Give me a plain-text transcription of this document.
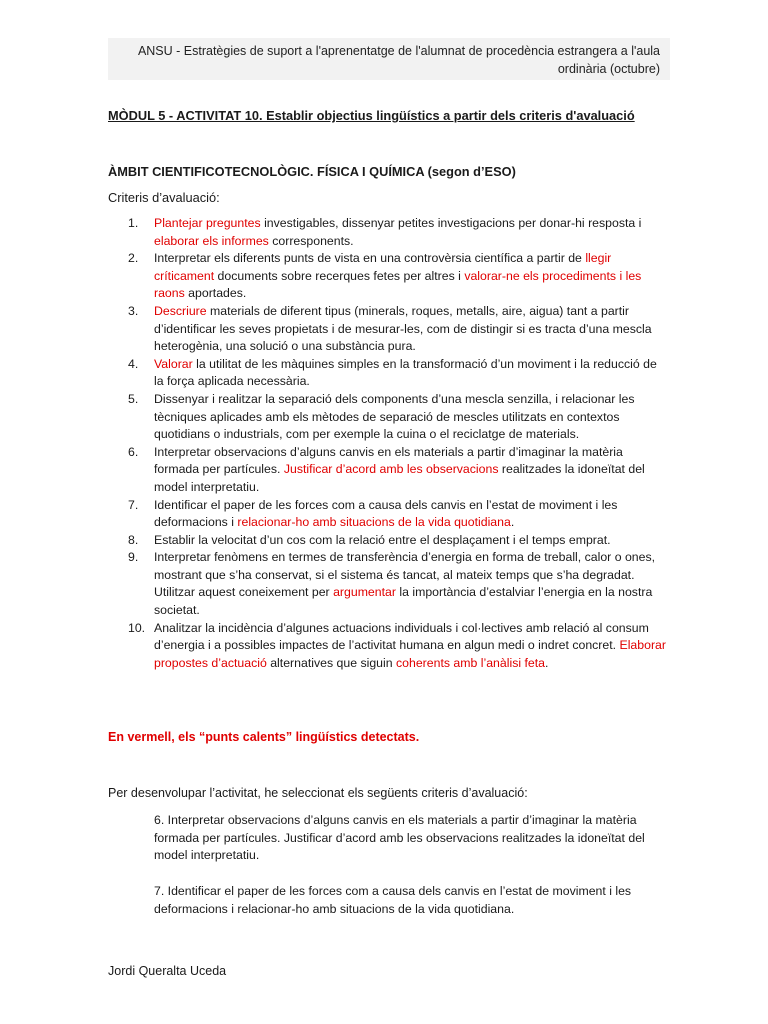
ANSU - Estratègies de suport a l'aprenentatge de l'alumnat de procedència estrangera a l'aula
ordinària (octubre)
MÒDUL 5 - ACTIVITAT 10. Establir objectius lingüístics a partir dels criteris d'avaluació
ÀMBIT CIENTIFICOTECNOLÒGIC. FÍSICA I QUÍMICA (segon d’ESO)
Criteris d’avaluació:
1.	Plantejar preguntes investigables, dissenyar petites investigacions per donar-hi resposta i elaborar els informes corresponents.
2.	Interpretar els diferents punts de vista en una controvèrsia científica a partir de llegir críticament documents sobre recerques fetes per altres i valorar-ne els procediments i les raons aportades.
3.	Descriure materials de diferent tipus (minerals, roques, metalls, aire, aigua) tant a partir d’identificar les seves propietats i de mesurar-les, com de distingir si es tracta d’una mescla heterogènia, una solució o una substància pura.
4.	Valorar la utilitat de les màquines simples en la transformació d’un moviment i la reducció de la força aplicada necessària.
5.	Dissenyar i realitzar la separació dels components d’una mescla senzilla, i relacionar les tècniques aplicades amb els mètodes de separació de mescles utilitzats en contextos quotidians o industrials, com per exemple la cuina o el reciclatge de materials.
6.	Interpretar observacions d’alguns canvis en els materials a partir d’imaginar la matèria formada per partícules. Justificar d’acord amb les observacions realitzades la idoneïtat del model interpretatiu.
7.	Identificar el paper de les forces com a causa dels canvis en l’estat de moviment i les deformacions i relacionar-ho amb situacions de la vida quotidiana.
8.	Establir la velocitat d’un cos com la relació entre el desplaçament i el temps emprat.
9.	Interpretar fenòmens en termes de transferència d’energia en forma de treball, calor o ones, mostrant que s’ha conservat, si el sistema és tancat, al mateix temps que s’ha degradat. Utilitzar aquest coneixement per argumentar la importància d’estalviar l’energia en la nostra societat.
10. Analitzar la incidència d’algunes actuacions individuals i col·lectives amb relació al consum d’energia i a possibles impactes de l’activitat humana en algun medi o indret concret. Elaborar propostes d’actuació alternatives que siguin coherents amb l’anàlisi feta.
En vermell, els “punts calents” lingüístics detectats.
Per desenvolupar l’activitat, he seleccionat els següents criteris d’avaluació:
6. Interpretar observacions d’alguns canvis en els materials a partir d’imaginar la matèria formada per partícules. Justificar d’acord amb les observacions realitzades la idoneïtat del model interpretatiu.
7. Identificar el paper de les forces com a causa dels canvis en l’estat de moviment i les deformacions i relacionar-ho amb situacions de la vida quotidiana.
Jordi Queralta Uceda
